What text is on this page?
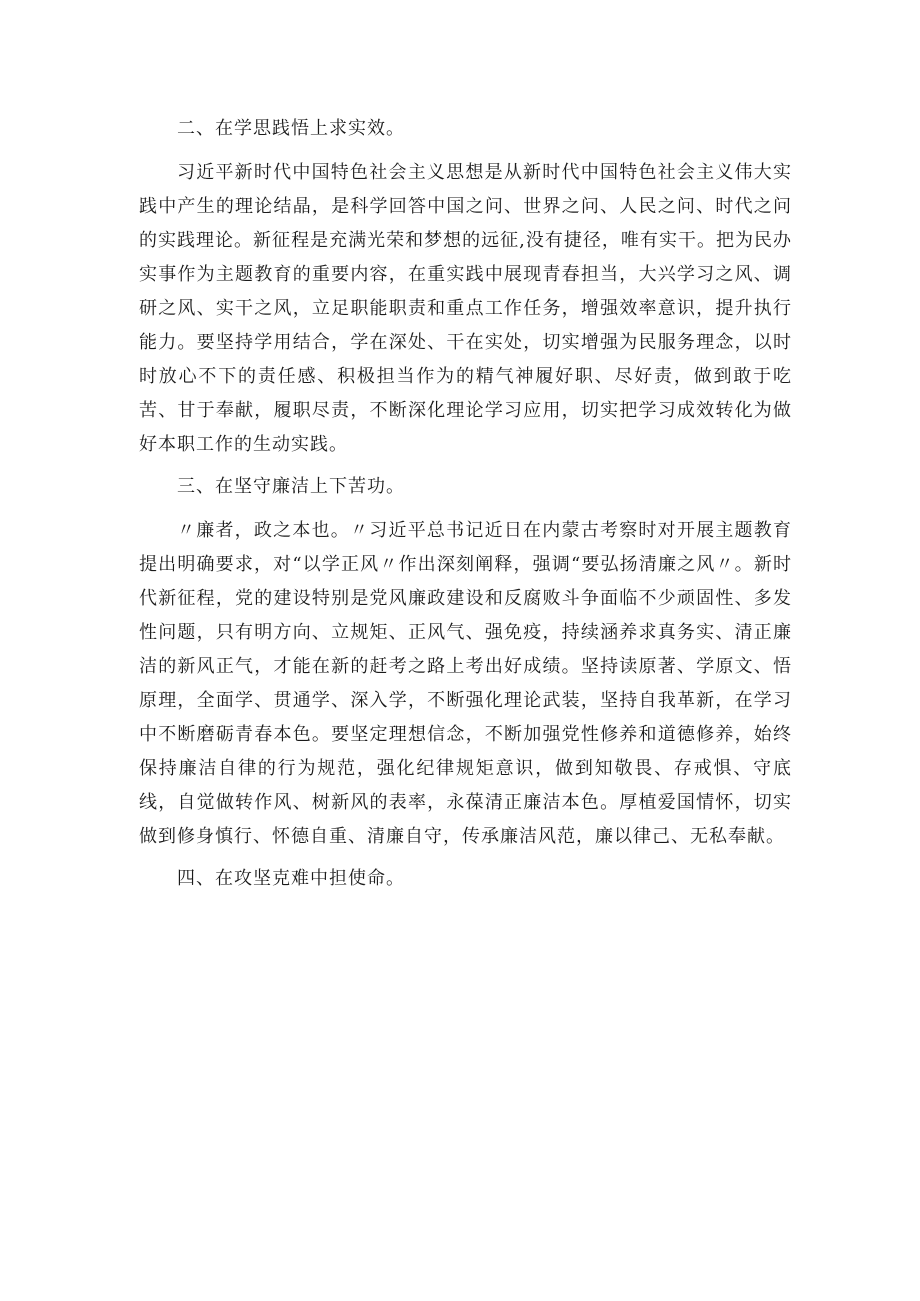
二、在学思践悟上求实效。

习近平新时代中国特色社会主义思想是从新时代中国特色社会主义伟大实践中产生的理论结晶，是科学回答中国之问、世界之问、人民之问、时代之问的实践理论。新征程是充满光荣和梦想的远征,没有捷径，唯有实干。把为民办实事作为主题教育的重要内容，在重实践中展现青春担当，大兴学习之风、调研之风、实干之风，立足职能职责和重点工作任务，增强效率意识，提升执行能力。要坚持学用结合，学在深处、干在实处，切实增强为民服务理念，以时时放心不下的责任感、积极担当作为的精气神履好职、尽好责，做到敢于吃苦、甘于奉献，履职尽责，不断深化理论学习应用，切实把学习成效转化为做好本职工作的生动实践。

三、在坚守廉洁上下苦功。

〃廉者，政之本也。〃习近平总书记近日在内蒙古考察时对开展主题教育提出明确要求，对“以学正风〃作出深刻阐释，强调“要弘扬清廉之风〃。新时代新征程，党的建设特别是党风廉政建设和反腐败斗争面临不少顽固性、多发性问题，只有明方向、立规矩、正风气、强免疫，持续涵养求真务实、清正廉洁的新风正气，才能在新的赶考之路上考出好成绩。坚持读原著、学原文、悟原理，全面学、贯通学、深入学，不断强化理论武装，坚持自我革新，在学习中不断磨砺青春本色。要坚定理想信念，不断加强党性修养和道德修养，始终保持廉洁自律的行为规范，强化纪律规矩意识，做到知敬畏、存戒惧、守底线，自觉做转作风、树新风的表率，永葆清正廉洁本色。厚植爱国情怀，切实做到修身慎行、怀德自重、清廉自守，传承廉洁风范，廉以律己、无私奉献。

四、在攻坚克难中担使命。
